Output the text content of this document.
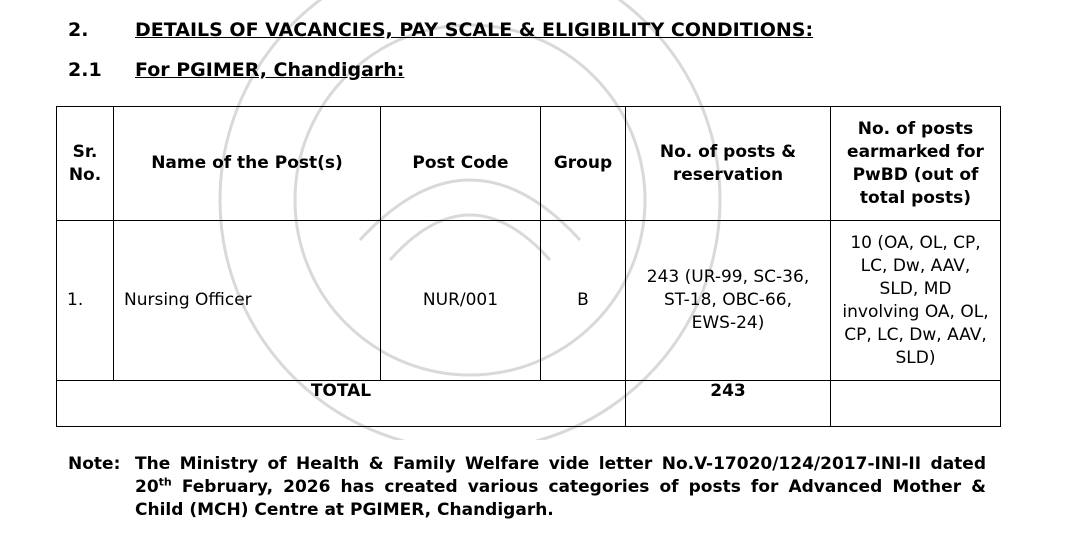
2. DETAILS OF VACANCIES, PAY SCALE & ELIGIBILITY CONDITIONS:
2.1 For PGIMER, Chandigarh:
Sr. No.	Name of the Post(s)	Post Code	Group	No. of posts & reservation	No. of posts earmarked for PwBD (out of total posts)

1.	Nursing Officer	NUR/001	B	243 (UR-99, SC-36, ST-18, OBC-66, EWS-24)	10 (OA, OL, CP, LC, Dw, AAV, SLD, MD involving OA, OL, CP, LC, Dw, AAV, SLD)

TOTAL				243	
Note: The Ministry of Health & Family Welfare vide letter No.V-17020/124/2017-INI-II dated 20th February, 2026 has created various categories of posts for Advanced Mother & Child (MCH) Centre at PGIMER, Chandigarh.
